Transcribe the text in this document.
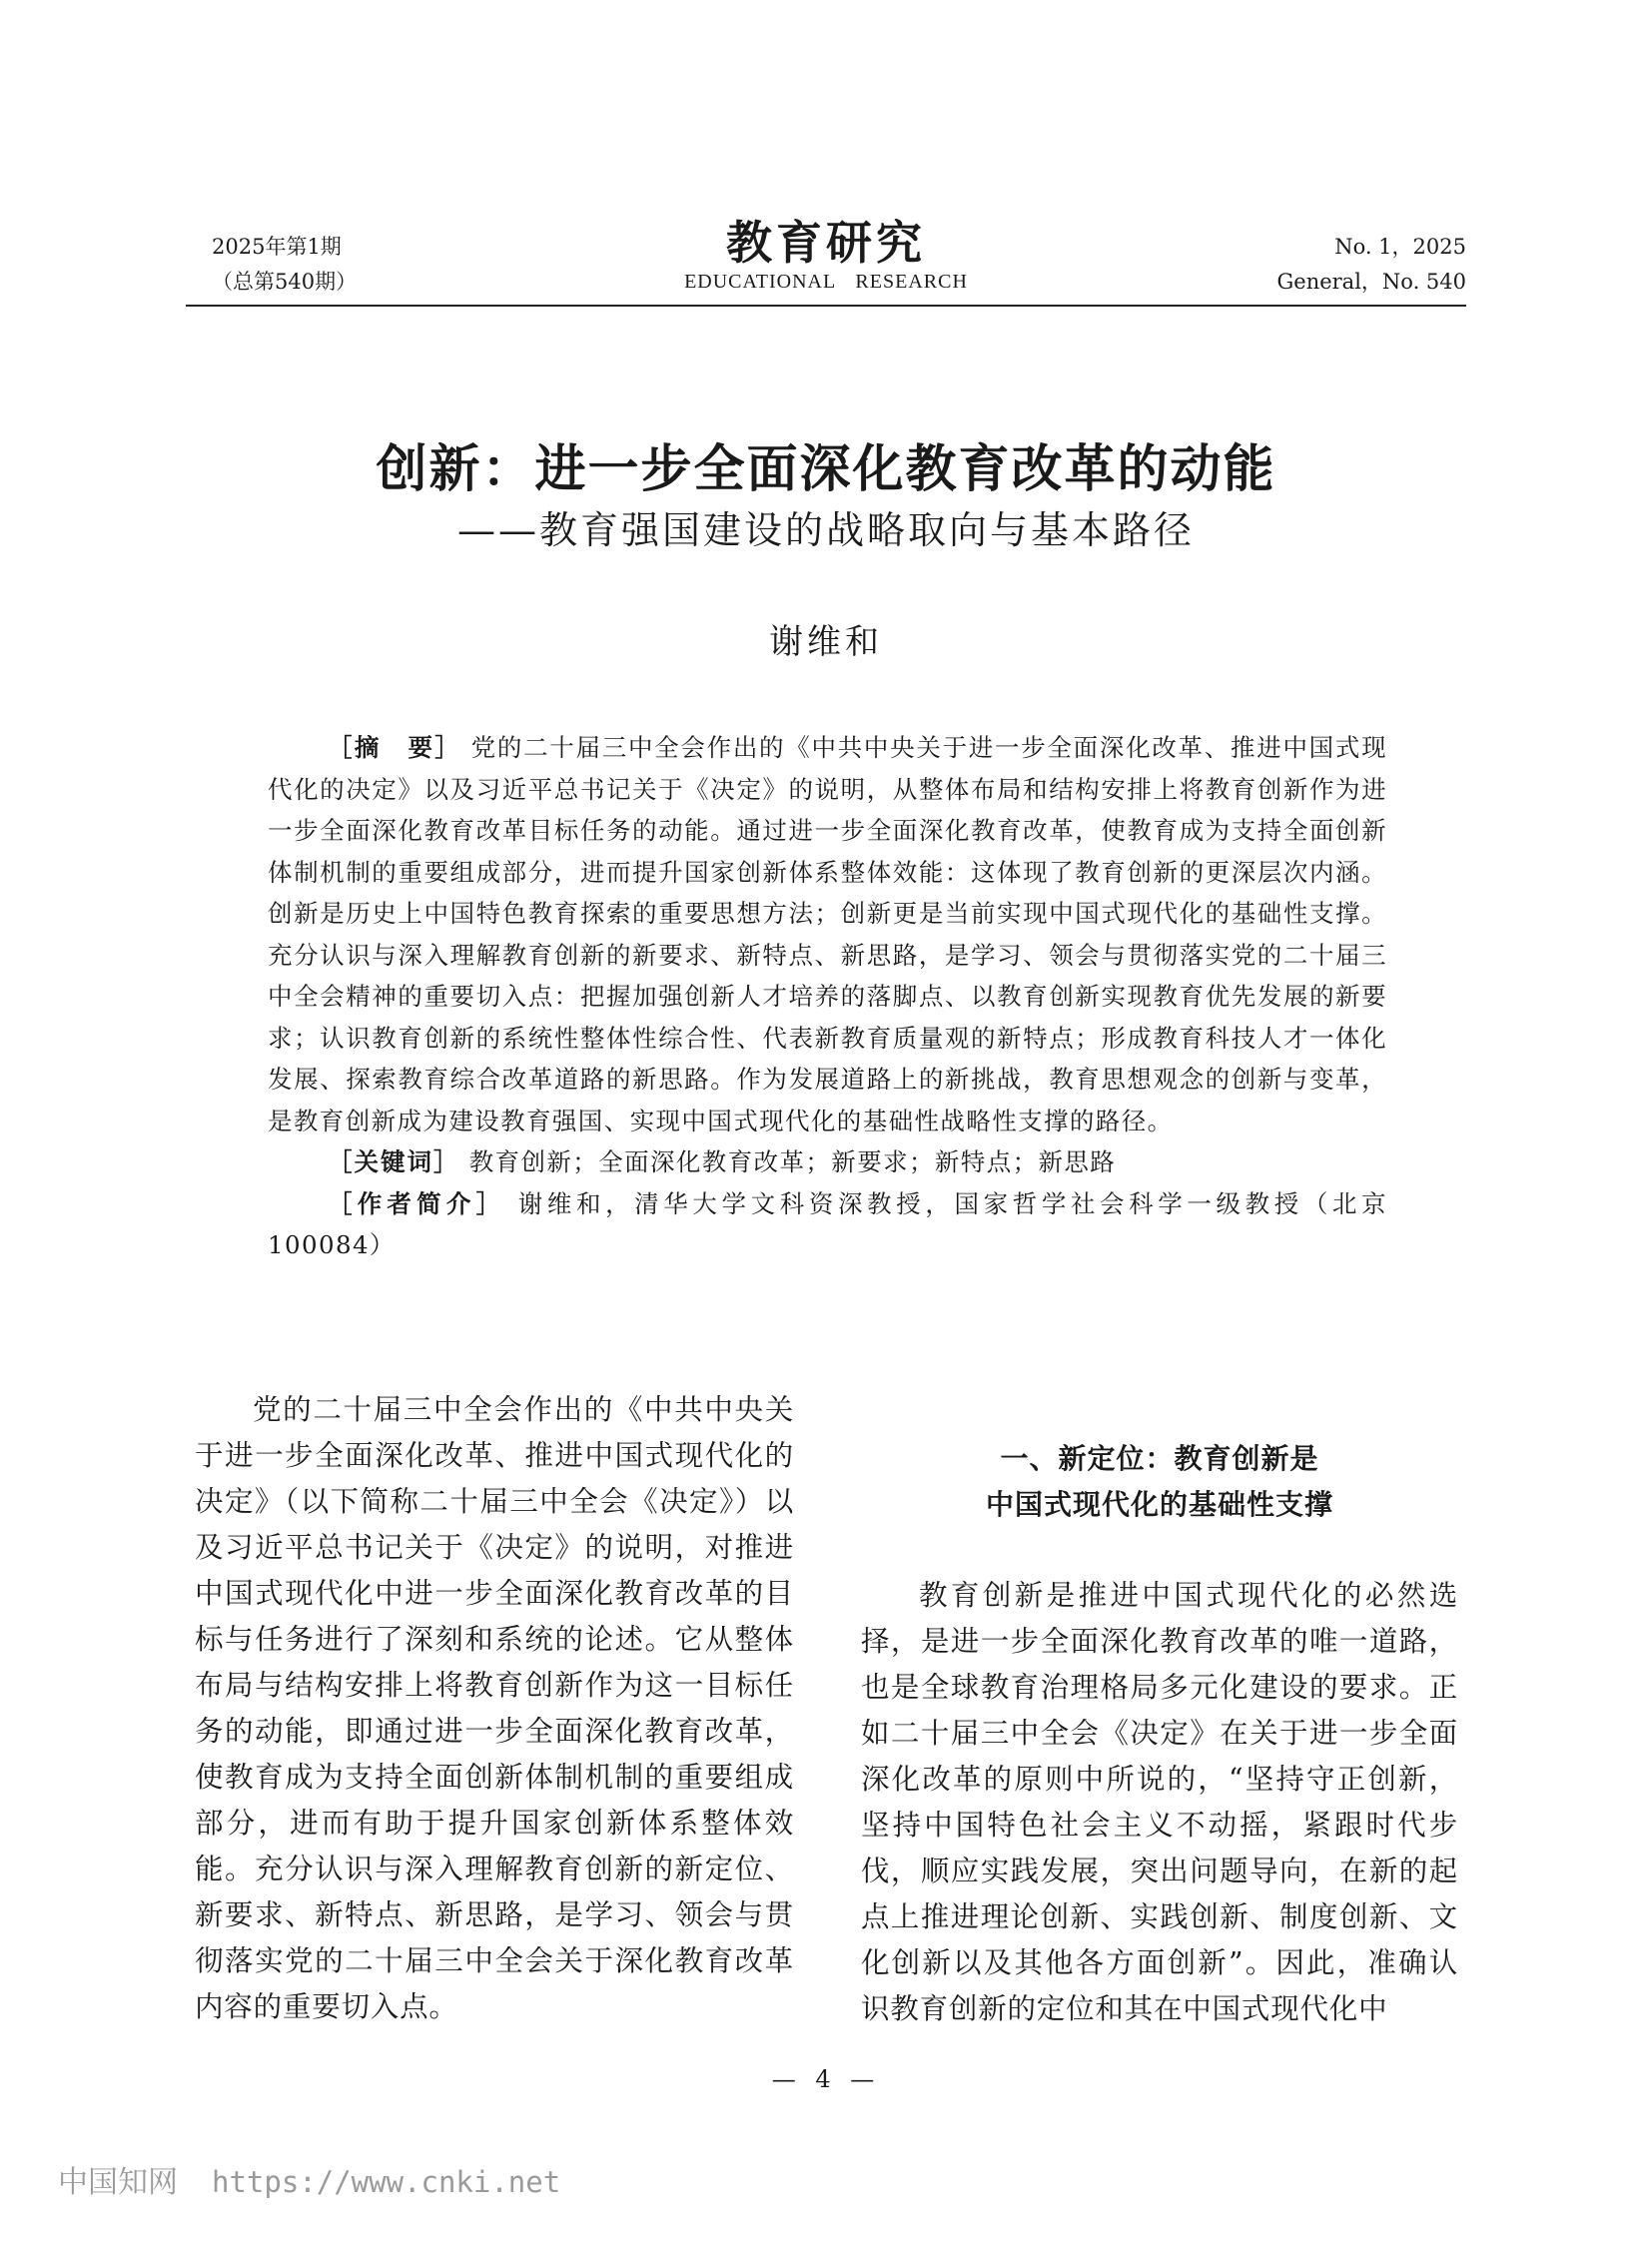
2025年第1期
（总第540期）
教育研究
EDUCATIONAL RESEARCH
No. 1，2025
General，No. 540
创新：进一步全面深化教育改革的动能
——教育强国建设的战略取向与基本路径
谢维和

［摘　要］ 党的二十届三中全会作出的《中共中央关于进一步全面深化改革、推进中国式现代化的决定》以及习近平总书记关于《决定》的说明，从整体布局和结构安排上将教育创新作为进一步全面深化教育改革目标任务的动能。通过进一步全面深化教育改革，使教育成为支持全面创新体制机制的重要组成部分，进而提升国家创新体系整体效能：这体现了教育创新的更深层次内涵。创新是历史上中国特色教育探索的重要思想方法；创新更是当前实现中国式现代化的基础性支撑。充分认识与深入理解教育创新的新要求、新特点、新思路，是学习、领会与贯彻落实党的二十届三中全会精神的重要切入点：把握加强创新人才培养的落脚点、以教育创新实现教育优先发展的新要求；认识教育创新的系统性整体性综合性、代表新教育质量观的新特点；形成教育科技人才一体化发展、探索教育综合改革道路的新思路。作为发展道路上的新挑战，教育思想观念的创新与变革，是教育创新成为建设教育强国、实现中国式现代化的基础性战略性支撑的路径。

［关键词］ 教育创新；全面深化教育改革；新要求；新特点；新思路

［作者简介］ 谢维和，清华大学文科资深教授，国家哲学社会科学一级教授（北京　100084）

党的二十届三中全会作出的《中共中央关于进一步全面深化改革、推进中国式现代化的决定》（以下简称二十届三中全会《决定》）以及习近平总书记关于《决定》的说明，对推进中国式现代化中进一步全面深化教育改革的目标与任务进行了深刻和系统的论述。它从整体布局与结构安排上将教育创新作为这一目标任务的动能，即通过进一步全面深化教育改革，使教育成为支持全面创新体制机制的重要组成部分，进而有助于提升国家创新体系整体效能。充分认识与深入理解教育创新的新定位、新要求、新特点、新思路，是学习、领会与贯彻落实党的二十届三中全会关于深化教育改革内容的重要切入点。

一、新定位：教育创新是
中国式现代化的基础性支撑

教育创新是推进中国式现代化的必然选择，是进一步全面深化教育改革的唯一道路，也是全球教育治理格局多元化建设的要求。正如二十届三中全会《决定》在关于进一步全面深化改革的原则中所说的，“坚持守正创新，坚持中国特色社会主义不动摇，紧跟时代步伐，顺应实践发展，突出问题导向，在新的起点上推进理论创新、实践创新、制度创新、文化创新以及其他各方面创新”。因此，准确认识教育创新的定位和其在中国式现代化中

— 4 —
中国知网 https://www.cnki.net
